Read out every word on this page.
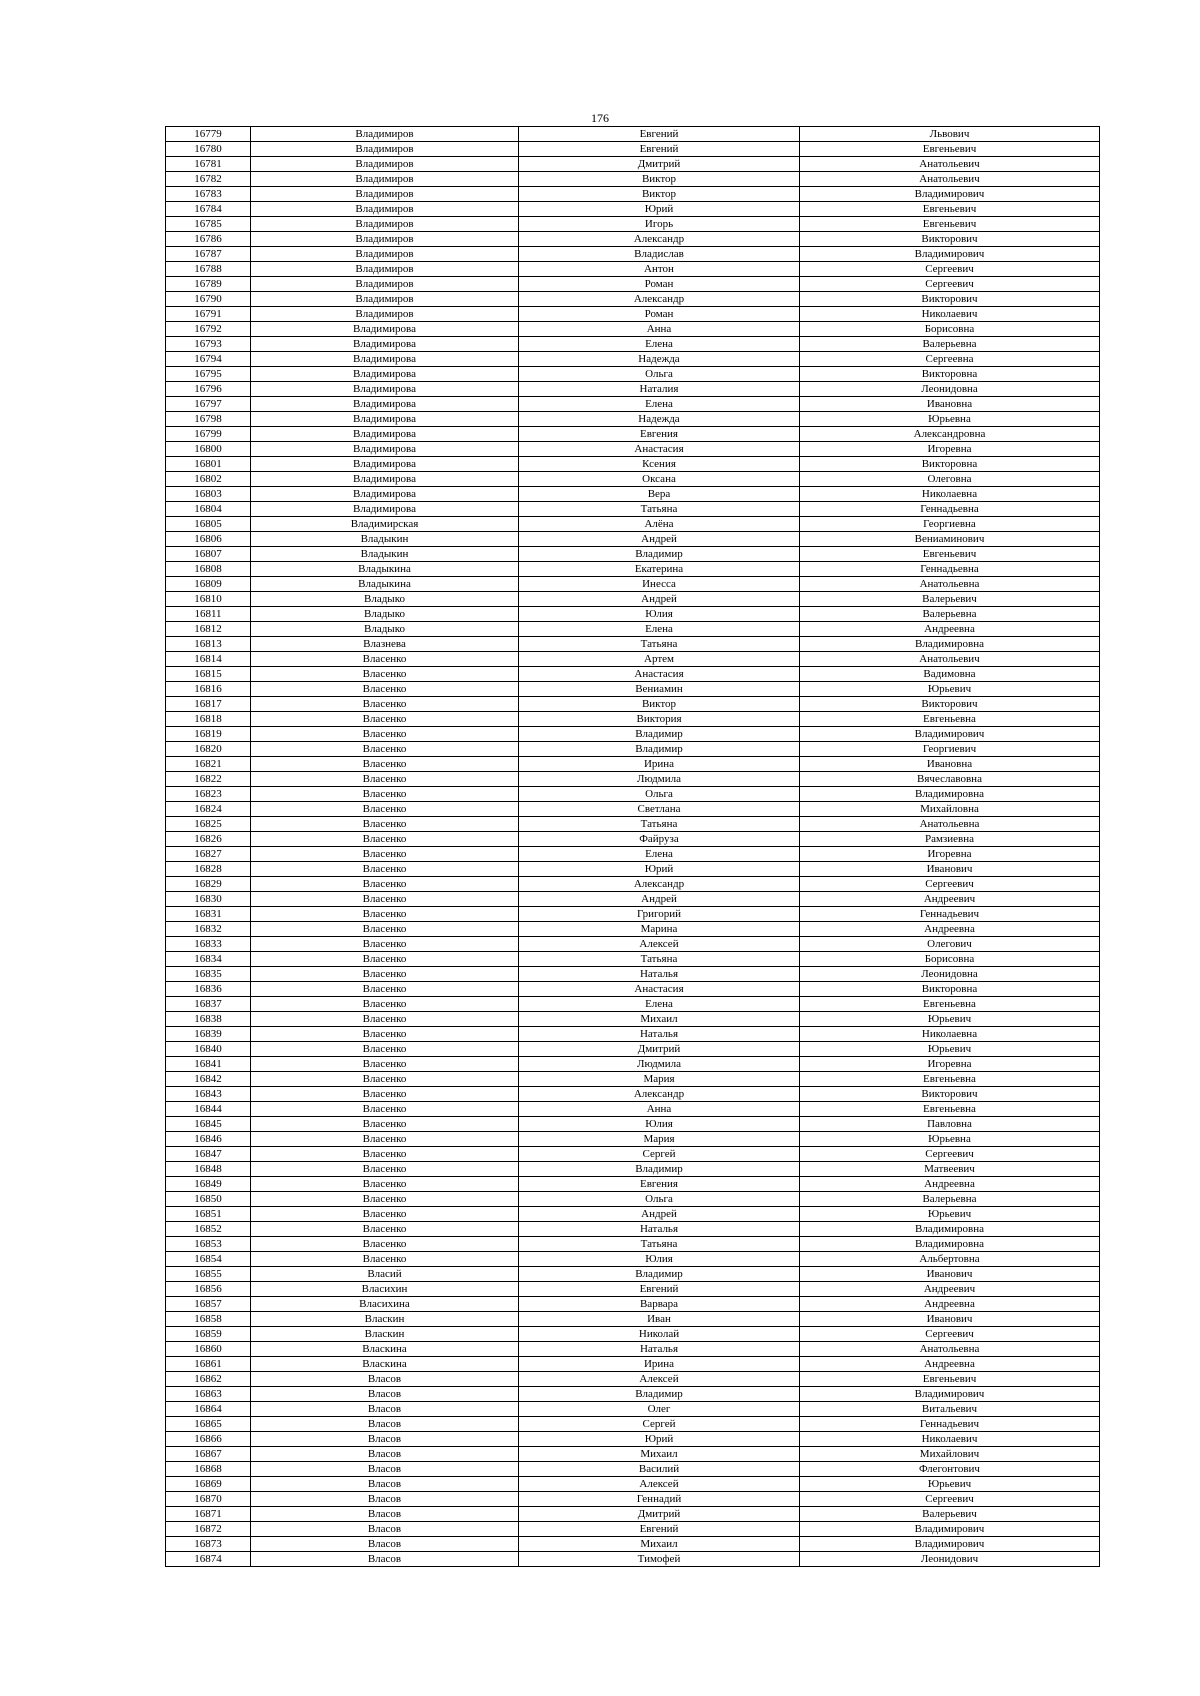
176
16779	Владимиров	Евгений	Львович
16780	Владимиров	Евгений	Евгеньевич
16781	Владимиров	Дмитрий	Анатольевич
16782	Владимиров	Виктор	Анатольевич
16783	Владимиров	Виктор	Владимирович
16784	Владимиров	Юрий	Евгеньевич
16785	Владимиров	Игорь	Евгеньевич
16786	Владимиров	Александр	Викторович
16787	Владимиров	Владислав	Владимирович
16788	Владимиров	Антон	Сергеевич
16789	Владимиров	Роман	Сергеевич
16790	Владимиров	Александр	Викторович
16791	Владимиров	Роман	Николаевич
16792	Владимирова	Анна	Борисовна
16793	Владимирова	Елена	Валерьевна
16794	Владимирова	Надежда	Сергеевна
16795	Владимирова	Ольга	Викторовна
16796	Владимирова	Наталия	Леонидовна
16797	Владимирова	Елена	Ивановна
16798	Владимирова	Надежда	Юрьевна
16799	Владимирова	Евгения	Александровна
16800	Владимирова	Анастасия	Игоревна
16801	Владимирова	Ксения	Викторовна
16802	Владимирова	Оксана	Олеговна
16803	Владимирова	Вера	Николаевна
16804	Владимирова	Татьяна	Геннадьевна
16805	Владимирская	Алёна	Георгиевна
16806	Владыкин	Андрей	Вениаминович
16807	Владыкин	Владимир	Евгеньевич
16808	Владыкина	Екатерина	Геннадьевна
16809	Владыкина	Инесса	Анатольевна
16810	Владыко	Андрей	Валерьевич
16811	Владыко	Юлия	Валерьевна
16812	Владыко	Елена	Андреевна
16813	Влазнева	Татьяна	Владимировна
16814	Власенко	Артем	Анатольевич
16815	Власенко	Анастасия	Вадимовна
16816	Власенко	Вениамин	Юрьевич
16817	Власенко	Виктор	Викторович
16818	Власенко	Виктория	Евгеньевна
16819	Власенко	Владимир	Владимирович
16820	Власенко	Владимир	Георгиевич
16821	Власенко	Ирина	Ивановна
16822	Власенко	Людмила	Вячеславовна
16823	Власенко	Ольга	Владимировна
16824	Власенко	Светлана	Михайловна
16825	Власенко	Татьяна	Анатольевна
16826	Власенко	Файруза	Рамзиевна
16827	Власенко	Елена	Игоревна
16828	Власенко	Юрий	Иванович
16829	Власенко	Александр	Сергеевич
16830	Власенко	Андрей	Андреевич
16831	Власенко	Григорий	Геннадьевич
16832	Власенко	Марина	Андреевна
16833	Власенко	Алексей	Олегович
16834	Власенко	Татьяна	Борисовна
16835	Власенко	Наталья	Леонидовна
16836	Власенко	Анастасия	Викторовна
16837	Власенко	Елена	Евгеньевна
16838	Власенко	Михаил	Юрьевич
16839	Власенко	Наталья	Николаевна
16840	Власенко	Дмитрий	Юрьевич
16841	Власенко	Людмила	Игоревна
16842	Власенко	Мария	Евгеньевна
16843	Власенко	Александр	Викторович
16844	Власенко	Анна	Евгеньевна
16845	Власенко	Юлия	Павловна
16846	Власенко	Мария	Юрьевна
16847	Власенко	Сергей	Сергеевич
16848	Власенко	Владимир	Матвеевич
16849	Власенко	Евгения	Андреевна
16850	Власенко	Ольга	Валерьевна
16851	Власенко	Андрей	Юрьевич
16852	Власенко	Наталья	Владимировна
16853	Власенко	Татьяна	Владимировна
16854	Власенко	Юлия	Альбертовна
16855	Власий	Владимир	Иванович
16856	Власихин	Евгений	Андреевич
16857	Власихина	Варвара	Андреевна
16858	Власкин	Иван	Иванович
16859	Власкин	Николай	Сергеевич
16860	Власкина	Наталья	Анатольевна
16861	Власкина	Ирина	Андреевна
16862	Власов	Алексей	Евгеньевич
16863	Власов	Владимир	Владимирович
16864	Власов	Олег	Витальевич
16865	Власов	Сергей	Геннадьевич
16866	Власов	Юрий	Николаевич
16867	Власов	Михаил	Михайлович
16868	Власов	Василий	Флегонтович
16869	Власов	Алексей	Юрьевич
16870	Власов	Геннадий	Сергеевич
16871	Власов	Дмитрий	Валерьевич
16872	Власов	Евгений	Владимирович
16873	Власов	Михаил	Владимирович
16874	Власов	Тимофей	Леонидович
